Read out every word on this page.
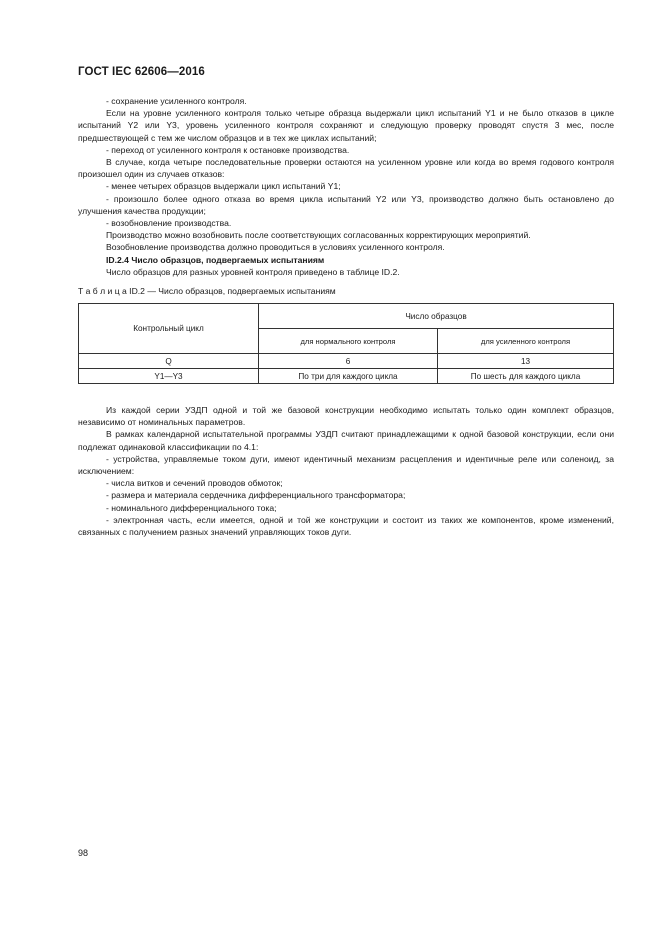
ГОСТ IEC 62606—2016

- сохранение усиленного контроля.

Если на уровне усиленного контроля только четыре образца выдержали цикл испытаний Y1 и не было отказов в цикле испытаний Y2 или Y3, уровень усиленного контроля сохраняют и следующую проверку проводят спустя 3 мес, после предшествующей с тем же числом образцов и в тех же циклах испытаний;

- переход от усиленного контроля к остановке производства.

В случае, когда четыре последовательные проверки остаются на усиленном уровне или когда во время годового контроля произошел один из случаев отказов:

- менее четырех образцов выдержали цикл испытаний Y1;

- произошло более одного отказа во время цикла испытаний Y2 или Y3, производство должно быть остановлено до улучшения качества продукции;

- возобновление производства.

Производство можно возобновить после соответствующих согласованных корректирующих мероприятий.

Возобновление производства должно проводиться в условиях усиленного контроля.

ID.2.4 Число образцов, подвергаемых испытаниям

Число образцов для разных уровней контроля приведено в таблице ID.2.

Т а б л и ц а ID.2 — Число образцов, подвергаемых испытаниям
Контрольный цикл	Число образцов	
	для нормального контроля	для усиленного контроля
Q	6	13
Y1—Y3	По три для каждого цикла	По шесть для каждого цикла

Из каждой серии УЗДП одной и той же базовой конструкции необходимо испытать только один комплект образцов, независимо от номинальных параметров.

В рамках календарной испытательной программы УЗДП считают принадлежащими к одной базовой конструкции, если они подлежат одинаковой классификации по 4.1:

- устройства, управляемые током дуги, имеют идентичный механизм расцепления и идентичные реле или соленоид, за исключением:

- числа витков и сечений проводов обмоток;

- размера и материала сердечника дифференциального трансформатора;

- номинального дифференциального тока;

- электронная часть, если имеется, одной и той же конструкции и состоит из таких же компонентов, кроме изменений, связанных с получением разных значений управляющих токов дуги.

98
